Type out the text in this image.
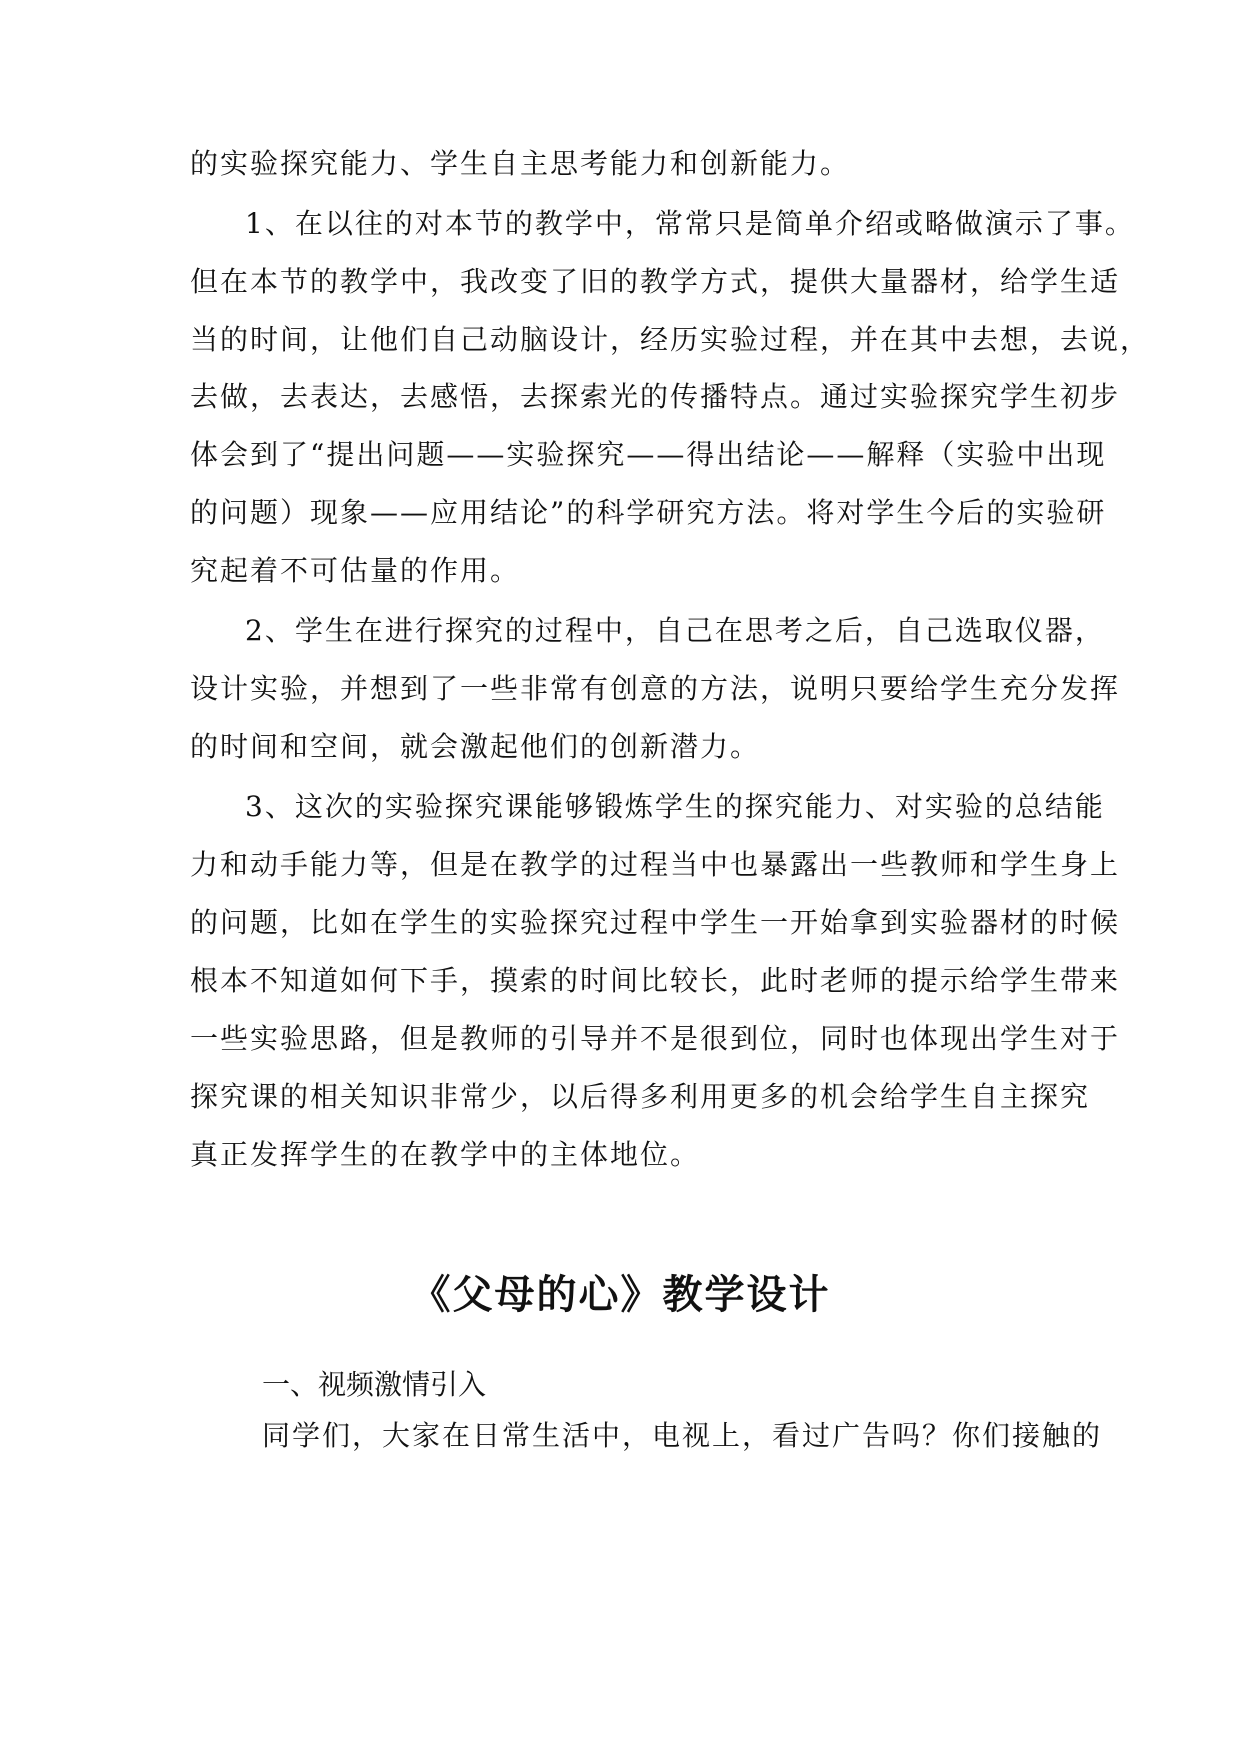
的实验探究能力、学生自主思考能力和创新能力。
1、在以往的对本节的教学中，常常只是简单介绍或略做演示了事。
但在本节的教学中，我改变了旧的教学方式，提供大量器材，给学生适
当的时间，让他们自己动脑设计，经历实验过程，并在其中去想，去说，
去做，去表达，去感悟，去探索光的传播特点。通过实验探究学生初步
体会到了“提出问题——实验探究——得出结论——解释（实验中出现
的问题）现象——应用结论”的科学研究方法。将对学生今后的实验研
究起着不可估量的作用。
2、学生在进行探究的过程中，自己在思考之后，自己选取仪器，
设计实验，并想到了一些非常有创意的方法，说明只要给学生充分发挥
的时间和空间，就会激起他们的创新潜力。
3、这次的实验探究课能够锻炼学生的探究能力、对实验的总结能
力和动手能力等，但是在教学的过程当中也暴露出一些教师和学生身上
的问题，比如在学生的实验探究过程中学生一开始拿到实验器材的时候
根本不知道如何下手，摸索的时间比较长，此时老师的提示给学生带来
一些实验思路，但是教师的引导并不是很到位，同时也体现出学生对于
探究课的相关知识非常少，以后得多利用更多的机会给学生自主探究
真正发挥学生的在教学中的主体地位。
《父母的心》教学设计
一、视频激情引入
同学们，大家在日常生活中，电视上，看过广告吗？你们接触的
